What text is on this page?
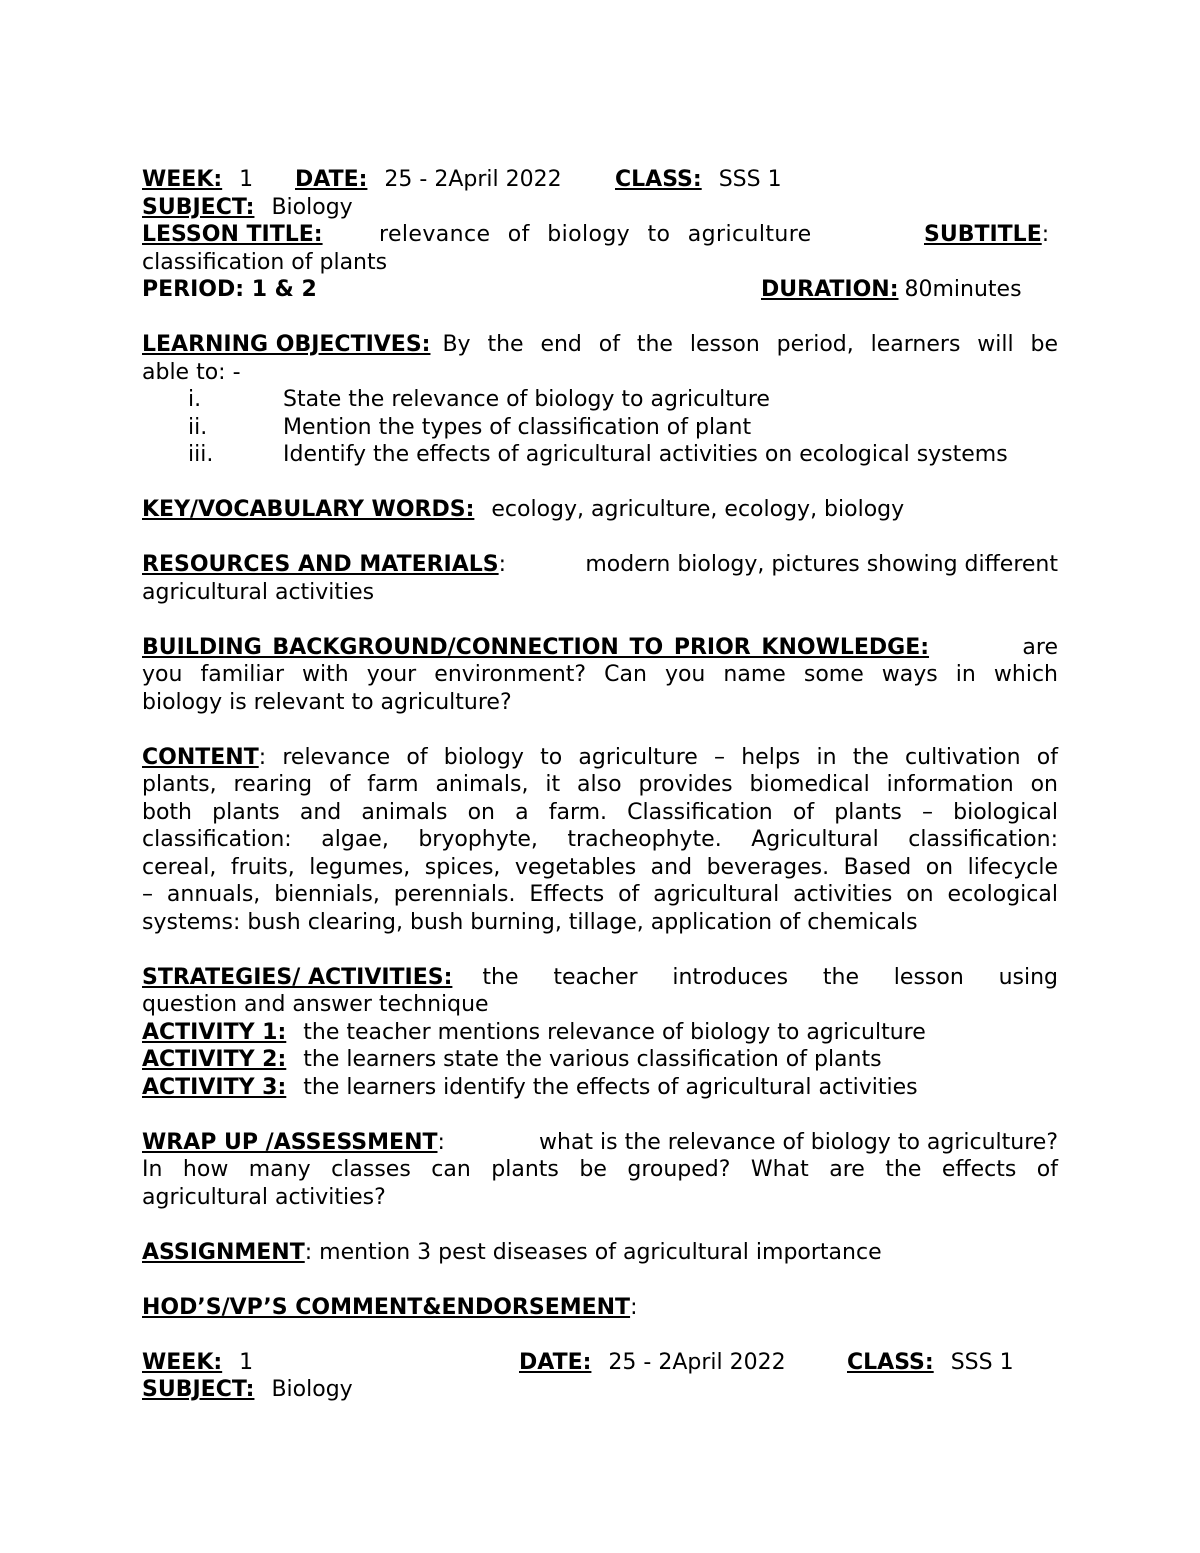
WEEK: 1 DATE: 25 - 2April 2022 CLASS: SSS 1
SUBJECT: Biology
LESSON TITLE:	relevance of biology to agriculture	SUBTITLE:
classification of plants
PERIOD: 1 & 2	DURATION: 80minutes
LEARNING OBJECTIVES: By the end of the lesson period, learners will be
able to: -
i.	State the relevance of biology to agriculture
ii.	Mention the types of classification of plant
iii.	Identify the effects of agricultural activities on ecological systems
KEY/VOCABULARY WORDS: ecology, agriculture, ecology, biology
RESOURCES AND MATERIALS :	modern biology, pictures showing different
agricultural activities
BUILDING BACKGROUND/CONNECTION TO PRIOR KNOWLEDGE:	are
you familiar with your environment? Can you name some ways in which
biology is relevant to agriculture?
CONTENT : relevance of biology to agriculture – helps in the cultivation of
plants, rearing of farm animals, it also provides biomedical information on
both plants and animals on a farm. Classification of plants – biological
classification: algae, bryophyte, tracheophyte. Agricultural classification:
cereal, fruits, legumes, spices, vegetables and beverages. Based on lifecycle
– annuals, biennials, perennials. Effects of agricultural activities on ecological
systems: bush clearing, bush burning, tillage, application of chemicals
STRATEGIES/ ACTIVITIES: the teacher introduces the lesson using
question and answer technique
ACTIVITY 1: the teacher mentions relevance of biology to agriculture
ACTIVITY 2: the learners state the various classification of plants
ACTIVITY 3: the learners identify the effects of agricultural activities
WRAP UP /ASSESSMENT :	what is the relevance of biology to agriculture?
In how many classes can plants be grouped? What are the effects of
agricultural activities?
ASSIGNMENT: mention 3 pest diseases of agricultural importance
HOD’S/VP’S COMMENT&ENDORSEMENT:
WEEK: 1	DATE: 25 - 2April 2022	CLASS: SSS 1
SUBJECT: Biology
